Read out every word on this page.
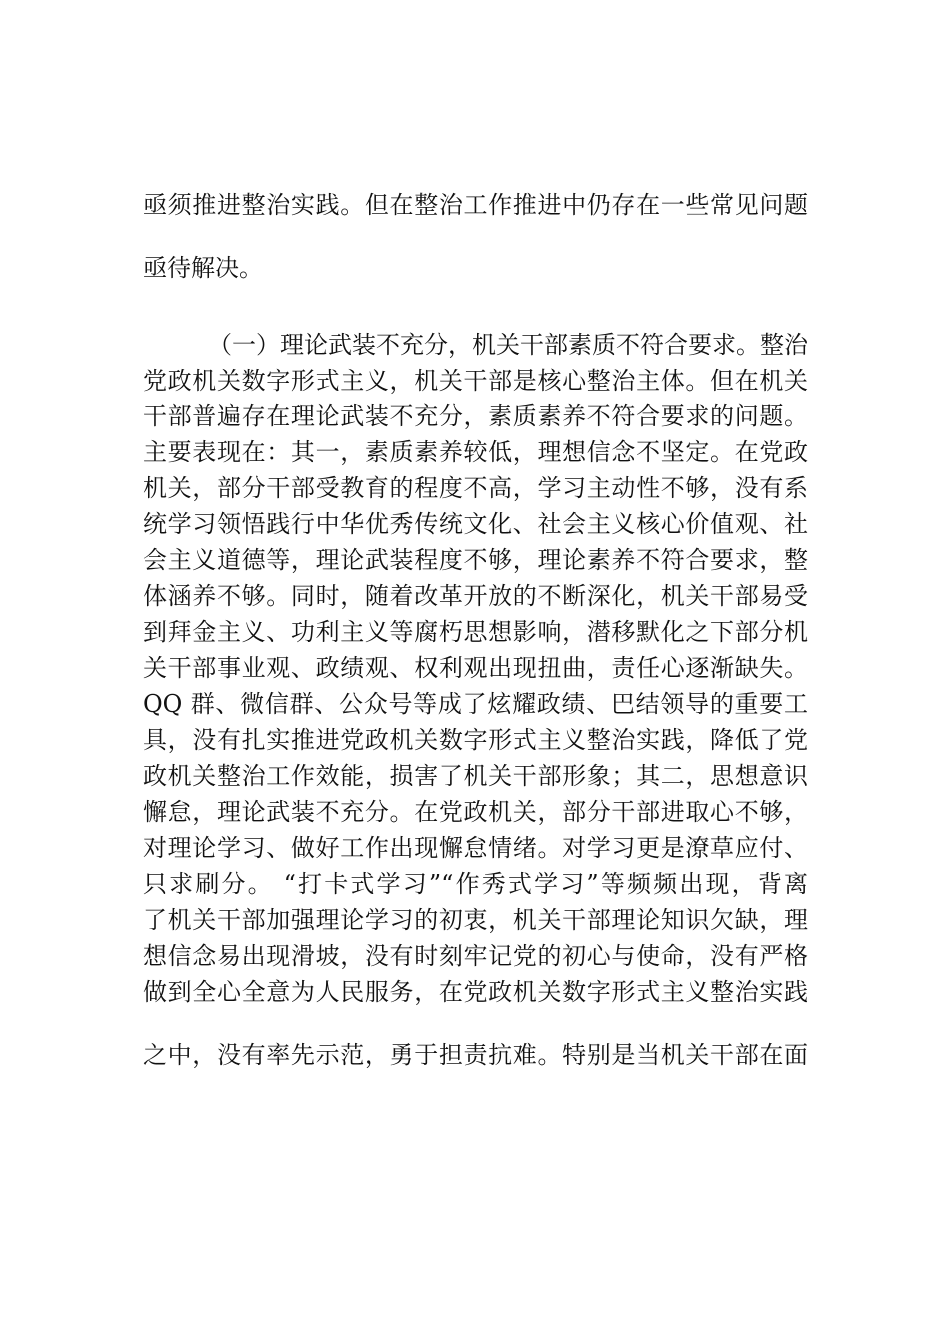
亟须推进整治实践。但在整治工作推进中仍存在一些常见问题
亟待解决。
（一）理论武装不充分，机关干部素质不符合要求。整治
党政机关数字形式主义，机关干部是核心整治主体。但在机关
干部普遍存在理论武装不充分，素质素养不符合要求的问题。
主要表现在：其一，素质素养较低，理想信念不坚定。在党政
机关，部分干部受教育的程度不高，学习主动性不够，没有系
统学习领悟践行中华优秀传统文化、社会主义核心价值观、社
会主义道德等，理论武装程度不够，理论素养不符合要求，整
体涵养不够。同时，随着改革开放的不断深化，机关干部易受
到拜金主义、功利主义等腐朽思想影响，潜移默化之下部分机
关干部事业观、政绩观、权利观出现扭曲，责任心逐渐缺失。
QQ 群、微信群、公众号等成了炫耀政绩、巴结领导的重要工
具，没有扎实推进党政机关数字形式主义整治实践，降低了党
政机关整治工作效能，损害了机关干部形象；其二，思想意识
懈怠，理论武装不充分。在党政机关，部分干部进取心不够，
对理论学习、做好工作出现懈怠情绪。对学习更是潦草应付、
只求刷分。 “打卡式学习”“作秀式学习”等频频出现，背离
了机关干部加强理论学习的初衷，机关干部理论知识欠缺，理
想信念易出现滑坡，没有时刻牢记党的初心与使命，没有严格
做到全心全意为人民服务，在党政机关数字形式主义整治实践
之中，没有率先示范，勇于担责抗难。特别是当机关干部在面
